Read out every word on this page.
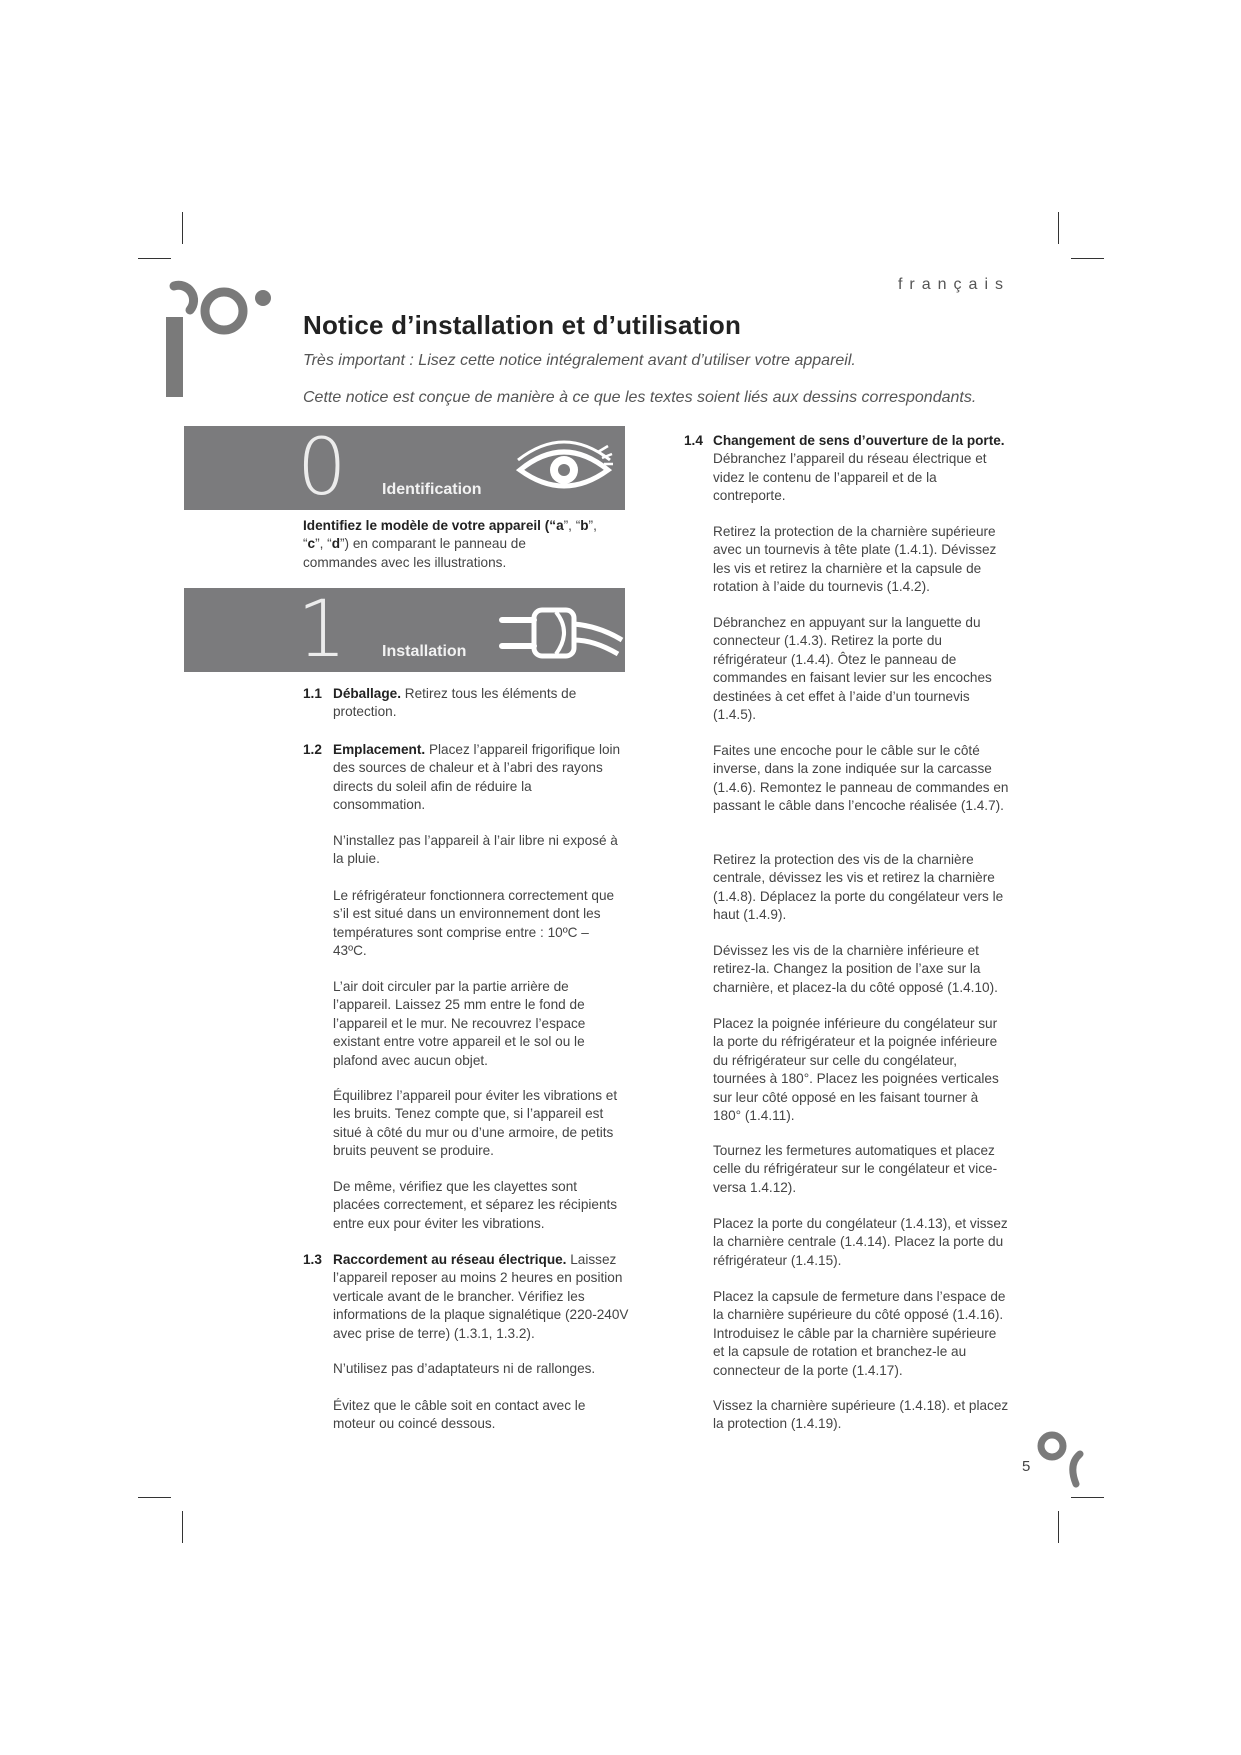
français
Notice d’installation et d’utilisation

Très important : Lisez cette notice intégralement avant d’utiliser votre appareil.

Cette notice est conçue de manière à ce que les textes soient liés aux dessins correspondants.

0 Identification

Identifiez le modèle de votre appareil (“a”, “b”, “c”, “d”) en comparant le panneau de commandes avec les illustrations.

1 Installation
1.1 Déballage. Retirez tous les éléments de protection.

1.2 Emplacement. Placez l’appareil frigorifique loin des sources de chaleur et à l’abri des rayons directs du soleil afin de réduire la consommation.

N’installez pas l’appareil à l’air libre ni exposé à la pluie.

Le réfrigérateur fonctionnera correctement que s’il est situé dans un environnement dont les températures sont comprise entre : 10ºC – 43ºC.

L’air doit circuler par la partie arrière de l’appareil. Laissez 25 mm entre le fond de l’appareil et le mur. Ne recouvrez l’espace existant entre votre appareil et le sol ou le plafond avec aucun objet.

Équilibrez l’appareil pour éviter les vibrations et les bruits. Tenez compte que, si l’appareil est situé à côté du mur ou d’une armoire, de petits bruits peuvent se produire.

De même, vérifiez que les clayettes sont placées correctement, et séparez les récipients entre eux pour éviter les vibrations.

1.3 Raccordement au réseau électrique. Laissez l’appareil reposer au moins 2 heures en position verticale avant de le brancher. Vérifiez les informations de la plaque signalétique (220-240V avec prise de terre) (1.3.1, 1.3.2).

N’utilisez pas d’adaptateurs ni de rallonges.

Évitez que le câble soit en contact avec le moteur ou coincé dessous.

1.4 Changement de sens d’ouverture de la porte. Débranchez l’appareil du réseau électrique et videz le contenu de l’appareil et de la contreporte.

Retirez la protection de la charnière supérieure avec un tournevis à tête plate (1.4.1). Dévissez les vis et retirez la charnière et la capsule de rotation à l’aide du tournevis (1.4.2).

Débranchez en appuyant sur la languette du connecteur (1.4.3). Retirez la porte du réfrigérateur (1.4.4). Ôtez le panneau de commandes en faisant levier sur les encoches destinées à cet effet à l’aide d’un tournevis (1.4.5).

Faites une encoche pour le câble sur le côté inverse, dans la zone indiquée sur la carcasse (1.4.6). Remontez le panneau de commandes en passant le câble dans l’encoche réalisée (1.4.7).

Retirez la protection des vis de la charnière centrale, dévissez les vis et retirez la charnière (1.4.8). Déplacez la porte du congélateur vers le haut (1.4.9).

Dévissez les vis de la charnière inférieure et retirez-la. Changez la position de l’axe sur la charnière, et placez-la du côté opposé (1.4.10).

Placez la poignée inférieure du congélateur sur la porte du réfrigérateur et la poignée inférieure du réfrigérateur sur celle du congélateur, tournées à 180°. Placez les poignées verticales sur leur côté opposé en les faisant tourner à 180° (1.4.11).

Tournez les fermetures automatiques et placez celle du réfrigérateur sur le congélateur et vice-versa 1.4.12).

Placez la porte du congélateur (1.4.13), et vissez la charnière centrale (1.4.14). Placez la porte du réfrigérateur (1.4.15).

Placez la capsule de fermeture dans l’espace de la charnière supérieure du côté opposé (1.4.16). Introduisez le câble par la charnière supérieure et la capsule de rotation et branchez-le au connecteur de la porte (1.4.17).

Vissez la charnière supérieure (1.4.18). et placez la protection (1.4.19).

5
